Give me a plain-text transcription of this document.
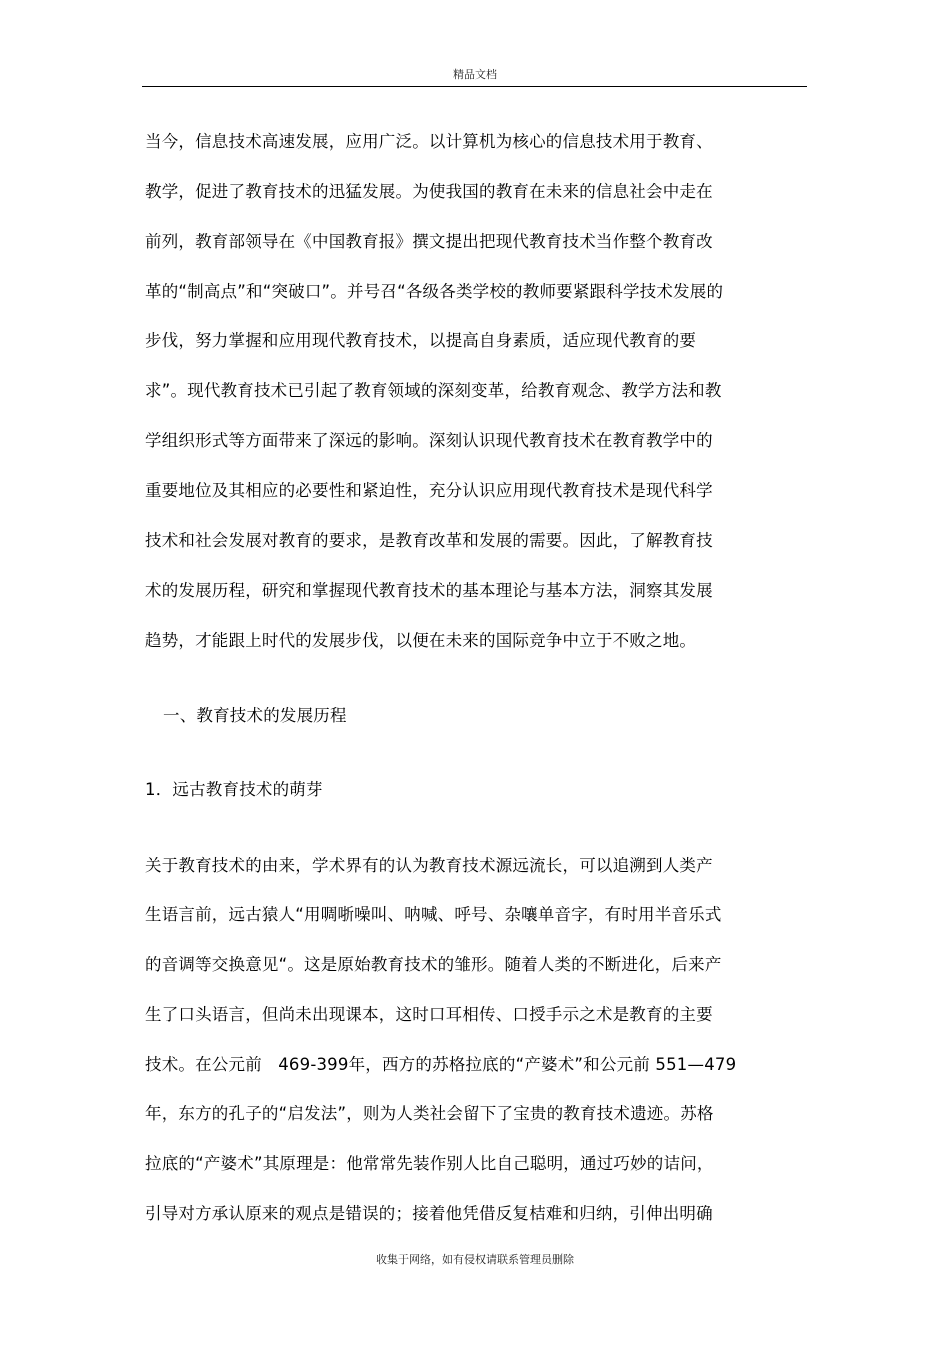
精品文档
当今，信息技术高速发展，应用广泛。以计算机为核心的信息技术用于教育、
教学，促进了教育技术的迅猛发展。为使我国的教育在未来的信息社会中走在
前列，教育部领导在《中国教育报》撰文提出把现代教育技术当作整个教育改
革的“制高点”和“突破口”。并号召“各级各类学校的教师要紧跟科学技术发展的
步伐，努力掌握和应用现代教育技术，以提高自身素质，适应现代教育的要
求”。现代教育技术已引起了教育领域的深刻变革，给教育观念、教学方法和教
学组织形式等方面带来了深远的影响。深刻认识现代教育技术在教育教学中的
重要地位及其相应的必要性和紧迫性，充分认识应用现代教育技术是现代科学
技术和社会发展对教育的要求，是教育改革和发展的需要。因此，了解教育技
术的发展历程，研究和掌握现代教育技术的基本理论与基本方法，洞察其发展
趋势，才能跟上时代的发展步伐，以便在未来的国际竞争中立于不败之地。
一、教育技术的发展历程
1．远古教育技术的萌芽
关于教育技术的由来，学术界有的认为教育技术源远流长，可以追溯到人类产
生语言前，远古猿人“用啁哳噪叫、呐喊、呼号、杂嚷单音字，有时用半音乐式
的音调等交换意见“。这是原始教育技术的雏形。随着人类的不断进化，后来产
生了口头语言，但尚未出现课本，这时口耳相传、口授手示之术是教育的主要
技术。在公元前   469-399年，西方的苏格拉底的“产婆术”和公元前 551—479
年，东方的孔子的“启发法”，则为人类社会留下了宝贵的教育技术遗迹。苏格
拉底的“产婆术”其原理是：他常常先装作别人比自己聪明，通过巧妙的诘问，
引导对方承认原来的观点是错误的；接着他凭借反复桔难和归纳，引伸出明确
收集于网络，如有侵权请联系管理员删除
